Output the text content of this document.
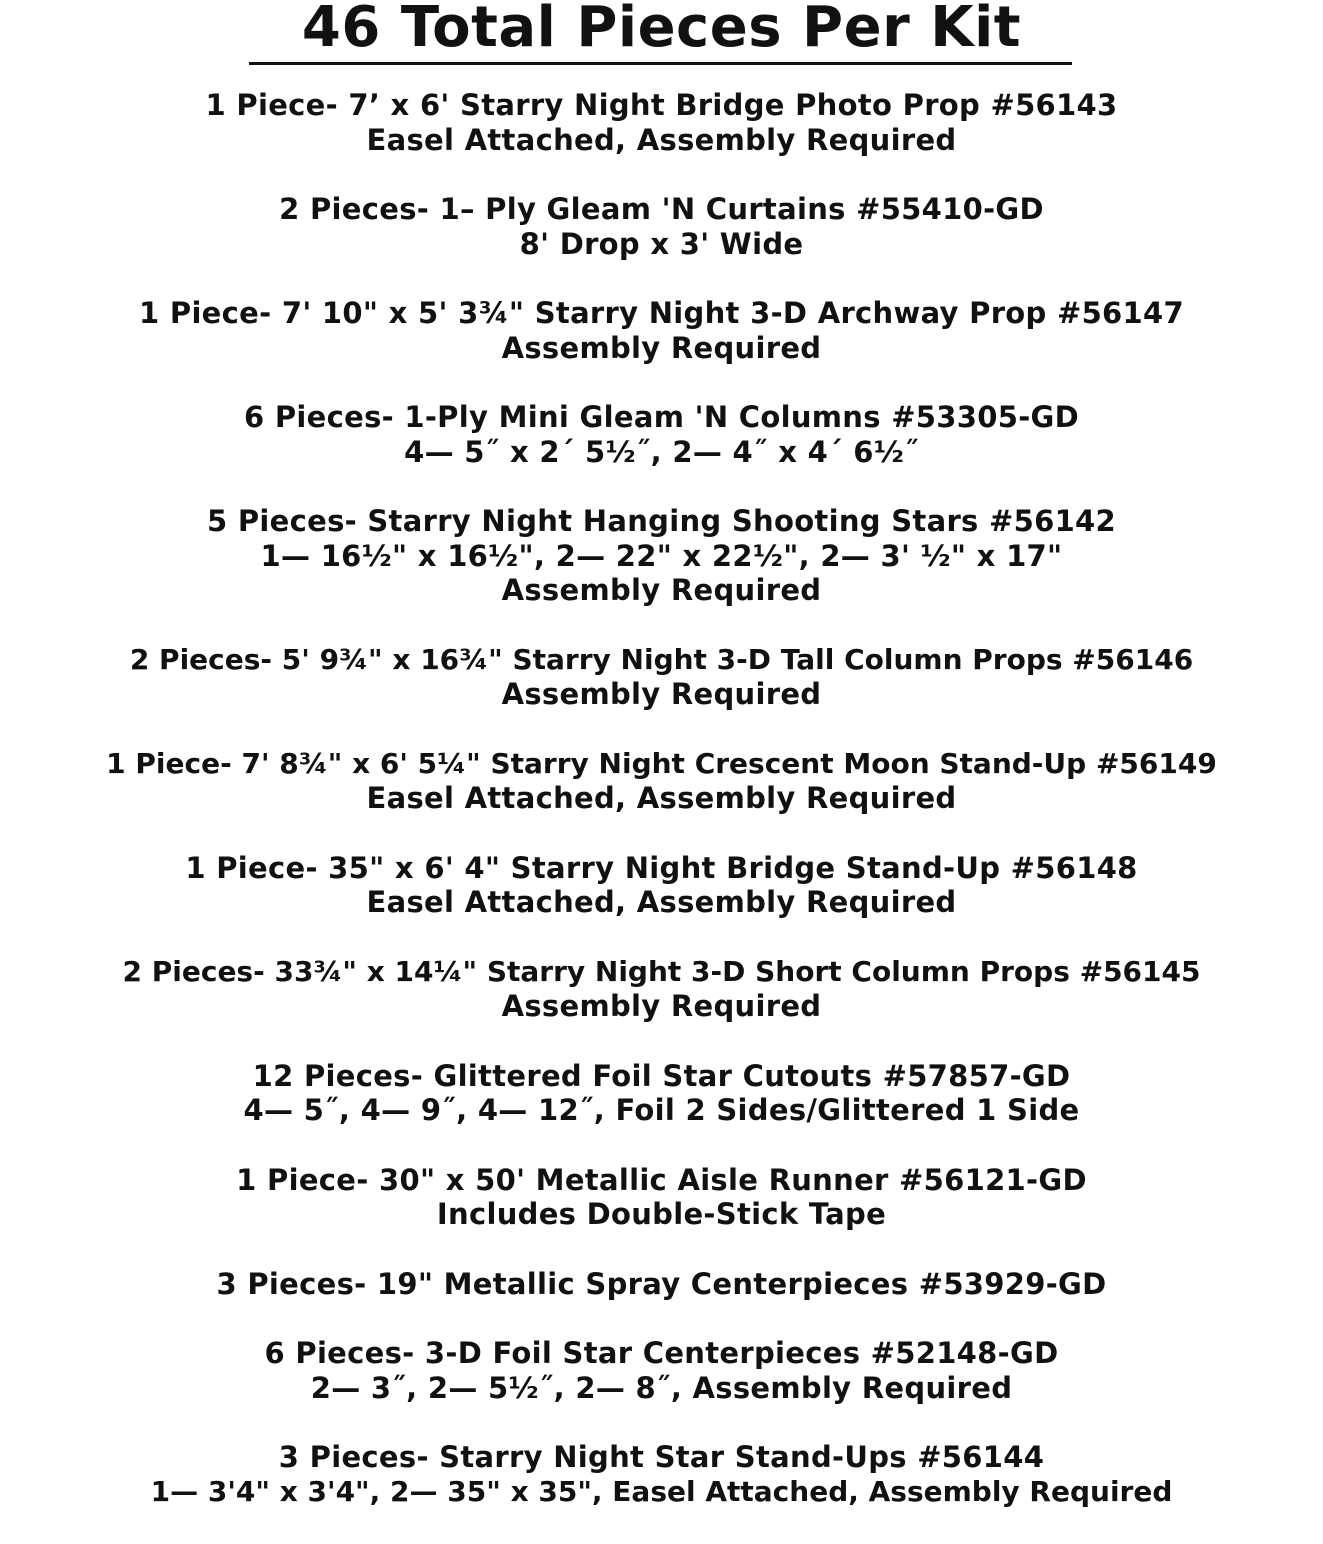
46 Total Pieces Per Kit
1 Piece- 7’ x 6' Starry Night Bridge Photo Prop #56143
Easel Attached, Assembly Required
2 Pieces- 1– Ply Gleam 'N Curtains #55410-GD
8' Drop x 3' Wide
1 Piece- 7' 10" x 5' 3¾" Starry Night 3-D Archway Prop #56147
Assembly Required
6 Pieces- 1-Ply Mini Gleam 'N Columns #53305-GD
4— 5˝ x 2´ 5½˝, 2— 4˝ x 4´ 6½˝
5 Pieces- Starry Night Hanging Shooting Stars #56142
1— 16½" x 16½", 2— 22" x 22½", 2— 3' ½" x 17"
Assembly Required
2 Pieces- 5' 9¾" x 16¾" Starry Night 3-D Tall Column Props #56146
Assembly Required
1 Piece- 7' 8¾" x 6' 5¼" Starry Night Crescent Moon Stand-Up #56149
Easel Attached, Assembly Required
1 Piece- 35" x 6' 4" Starry Night Bridge Stand-Up #56148
Easel Attached, Assembly Required
2 Pieces- 33¾" x 14¼" Starry Night 3-D Short Column Props #56145
Assembly Required
12 Pieces- Glittered Foil Star Cutouts #57857-GD
4— 5˝, 4— 9˝, 4— 12˝, Foil 2 Sides/Glittered 1 Side
1 Piece- 30" x 50' Metallic Aisle Runner #56121-GD
Includes Double-Stick Tape
3 Pieces- 19" Metallic Spray Centerpieces #53929-GD
6 Pieces- 3-D Foil Star Centerpieces #52148-GD
2— 3˝, 2— 5½˝, 2— 8˝, Assembly Required
3 Pieces- Starry Night Star Stand-Ups #56144
1— 3'4" x 3'4", 2— 35" x 35", Easel Attached, Assembly Required
